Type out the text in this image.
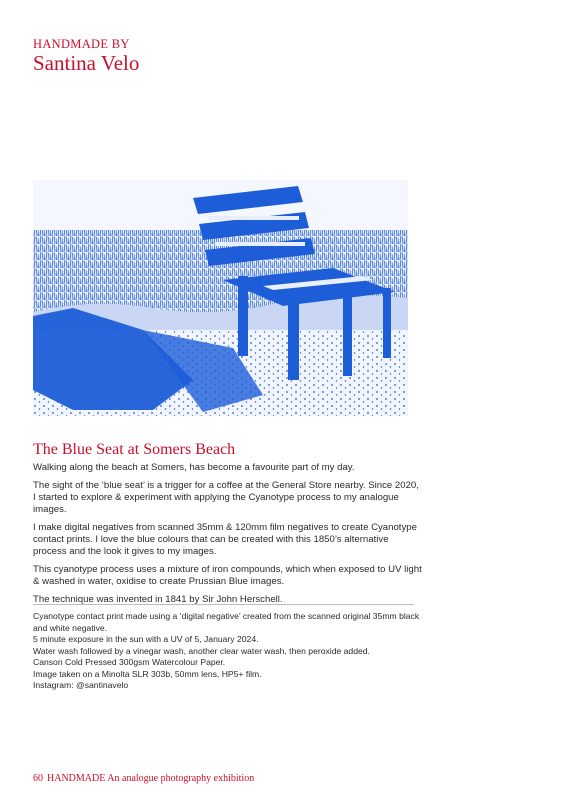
HANDMADE BY
Santina Velo
The Blue Seat at Somers Beach

Walking along the beach at Somers, has become a favourite part of my day.

The sight of the ‘blue seat’ is a trigger for a coffee at the General Store nearby. Since 2020, I started to explore & experiment with applying the Cyanotype process to my analogue images.

I make digital negatives from scanned 35mm & 120mm film negatives to create Cyanotype contact prints. I love the blue colours that can be created with this 1850’s alternative process and the look it gives to my images.

This cyanotype process uses a mixture of iron compounds, which when exposed to UV light & washed in water, oxidise to create Prussian Blue images.

The technique was invented in 1841 by Sir John Herschell.

Cyanotype contact print made using a ‘digital negative’ created from the scanned original 35mm black and white negative.
5 minute exposure in the sun with a UV of 5, January 2024.
Water wash followed by a vinegar wash, another clear water wash, then peroxide added.
Canson Cold Pressed 300gsm Watercolour Paper.
Image taken on a Minolta SLR 303b, 50mm lens, HP5+ film.
Instagram: @santinavelo
60 HANDMADE An analogue photography exhibition
